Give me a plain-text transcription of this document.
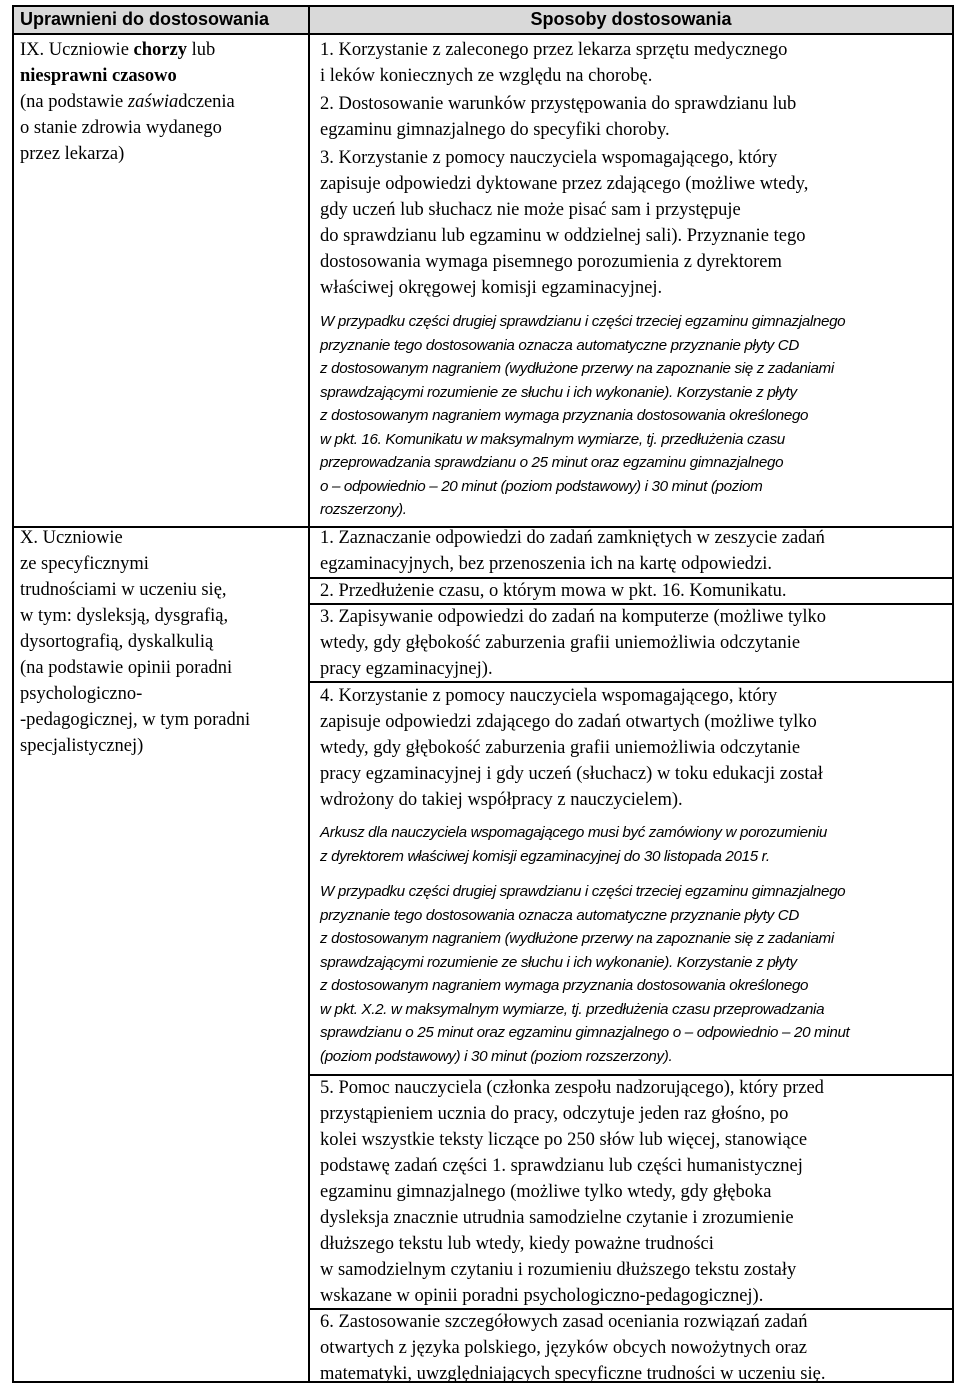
Uprawnieni do dostosowania	Sposoby dostosowania
IX. Uczniowie chorzy lub
niesprawni czasowo
(na podstawie zaświadczenia
o stanie zdrowia wydanego
przez lekarza)
1. Korzystanie z zaleconego przez lekarza sprzętu medycznego
i leków koniecznych ze względu na chorobę.
2. Dostosowanie warunków przystępowania do sprawdzianu lub
egzaminu gimnazjalnego do specyfiki choroby.
3. Korzystanie z pomocy nauczyciela wspomagającego, który
zapisuje odpowiedzi dyktowane przez zdającego (możliwe wtedy,
gdy uczeń lub słuchacz nie może pisać sam i przystępuje
do sprawdzianu lub egzaminu w oddzielnej sali). Przyznanie tego
dostosowania wymaga pisemnego porozumienia z dyrektorem
właściwej okręgowej komisji egzaminacyjnej.
W przypadku części drugiej sprawdzianu i części trzeciej egzaminu gimnazjalnego
przyznanie tego dostosowania oznacza automatyczne przyznanie płyty CD
z dostosowanym nagraniem (wydłużone przerwy na zapoznanie się z zadaniami
sprawdzającymi rozumienie ze słuchu i ich wykonanie). Korzystanie z płyty
z dostosowanym nagraniem wymaga przyznania dostosowania określonego
w pkt. 16. Komunikatu w maksymalnym wymiarze, tj. przedłużenia czasu
przeprowadzania sprawdzianu o 25 minut oraz egzaminu gimnazjalnego
o – odpowiednio – 20 minut (poziom podstawowy) i 30 minut (poziom
rozszerzony).
X. Uczniowie
ze specyficznymi
trudnościami w uczeniu się,
w tym: dysleksją, dysgrafią,
dysortografią, dyskalkulią
(na podstawie opinii poradni
psychologiczno-
-pedagogicznej, w tym poradni
specjalistycznej)
1. Zaznaczanie odpowiedzi do zadań zamkniętych w zeszycie zadań
egzaminacyjnych, bez przenoszenia ich na kartę odpowiedzi.
2. Przedłużenie czasu, o którym mowa w pkt. 16. Komunikatu.
3. Zapisywanie odpowiedzi do zadań na komputerze (możliwe tylko
wtedy, gdy głębokość zaburzenia grafii uniemożliwia odczytanie
pracy egzaminacyjnej).
4. Korzystanie z pomocy nauczyciela wspomagającego, który
zapisuje odpowiedzi zdającego do zadań otwartych (możliwe tylko
wtedy, gdy głębokość zaburzenia grafii uniemożliwia odczytanie
pracy egzaminacyjnej i gdy uczeń (słuchacz) w toku edukacji został
wdrożony do takiej współpracy z nauczycielem).
Arkusz dla nauczyciela wspomagającego musi być zamówiony w porozumieniu
z dyrektorem właściwej komisji egzaminacyjnej do 30 listopada 2015 r.
W przypadku części drugiej sprawdzianu i części trzeciej egzaminu gimnazjalnego
przyznanie tego dostosowania oznacza automatyczne przyznanie płyty CD
z dostosowanym nagraniem (wydłużone przerwy na zapoznanie się z zadaniami
sprawdzającymi rozumienie ze słuchu i ich wykonanie). Korzystanie z płyty
z dostosowanym nagraniem wymaga przyznania dostosowania określonego
w pkt. X.2. w maksymalnym wymiarze, tj. przedłużenia czasu przeprowadzania
sprawdzianu o 25 minut oraz egzaminu gimnazjalnego o – odpowiednio – 20 minut
(poziom podstawowy) i 30 minut (poziom rozszerzony).
5. Pomoc nauczyciela (członka zespołu nadzorującego), który przed
przystąpieniem ucznia do pracy, odczytuje jeden raz głośno, po
kolei wszystkie teksty liczące po 250 słów lub więcej, stanowiące
podstawę zadań części 1. sprawdzianu lub części humanistycznej
egzaminu gimnazjalnego (możliwe tylko wtedy, gdy głęboka
dysleksja znacznie utrudnia samodzielne czytanie i zrozumienie
dłuższego tekstu lub wtedy, kiedy poważne trudności
w samodzielnym czytaniu i rozumieniu dłuższego tekstu zostały
wskazane w opinii poradni psychologiczno-pedagogicznej).
6. Zastosowanie szczegółowych zasad oceniania rozwiązań zadań
otwartych z języka polskiego, języków obcych nowożytnych oraz
matematyki, uwzględniających specyficzne trudności w uczeniu się.
